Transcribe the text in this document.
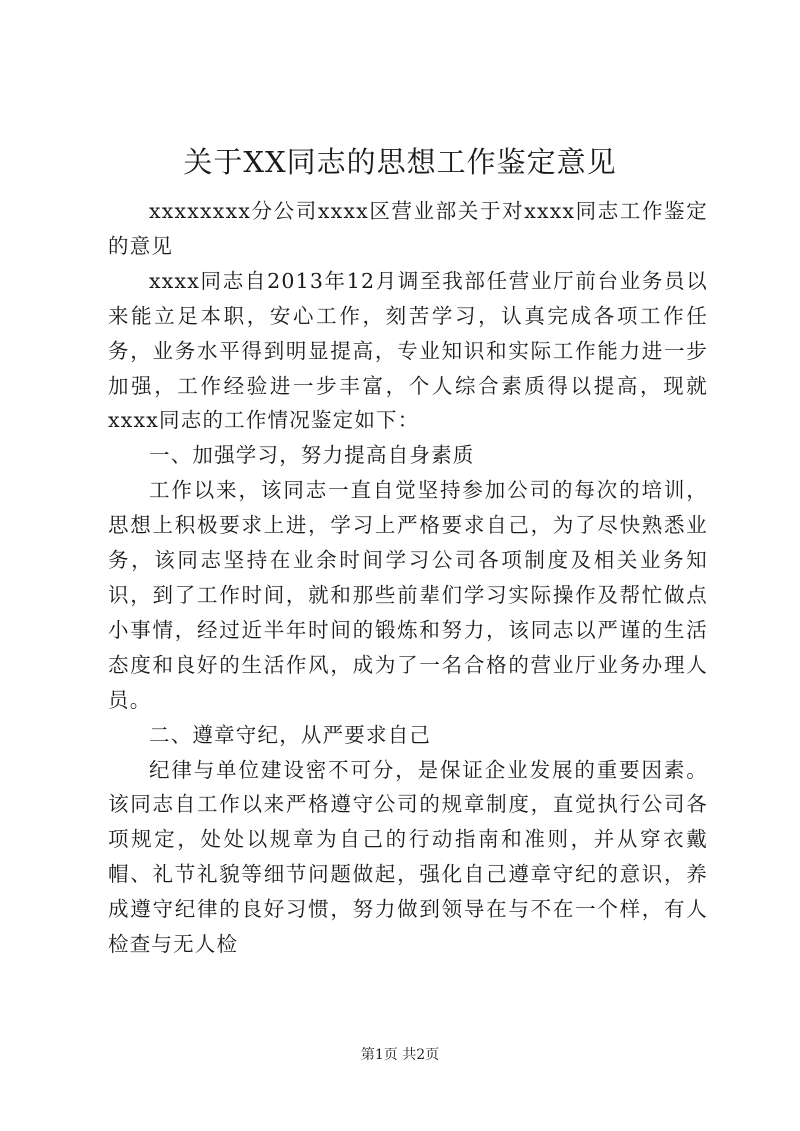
关于XX同志的思想工作鉴定意见

xxxxxxxx分公司xxxx区营业部关于对xxxx同志工作鉴定的意见

xxxx同志自2013年12月调至我部任营业厅前台业务员以来能立足本职，安心工作，刻苦学习，认真完成各项工作任务，业务水平得到明显提高，专业知识和实际工作能力进一步加强，工作经验进一步丰富，个人综合素质得以提高，现就xxxx同志的工作情况鉴定如下：

一、加强学习，努力提高自身素质

工作以来，该同志一直自觉坚持参加公司的每次的培训，思想上积极要求上进，学习上严格要求自己，为了尽快熟悉业务，该同志坚持在业余时间学习公司各项制度及相关业务知识，到了工作时间，就和那些前辈们学习实际操作及帮忙做点小事情，经过近半年时间的锻炼和努力，该同志以严谨的生活态度和良好的生活作风，成为了一名合格的营业厅业务办理人员。

二、遵章守纪，从严要求自己

纪律与单位建设密不可分，是保证企业发展的重要因素。该同志自工作以来严格遵守公司的规章制度，直觉执行公司各项规定，处处以规章为自己的行动指南和准则，并从穿衣戴帽、礼节礼貌等细节问题做起，强化自己遵章守纪的意识，养成遵守纪律的良好习惯，努力做到领导在与不在一个样，有人检查与无人检

第1页 共2页
